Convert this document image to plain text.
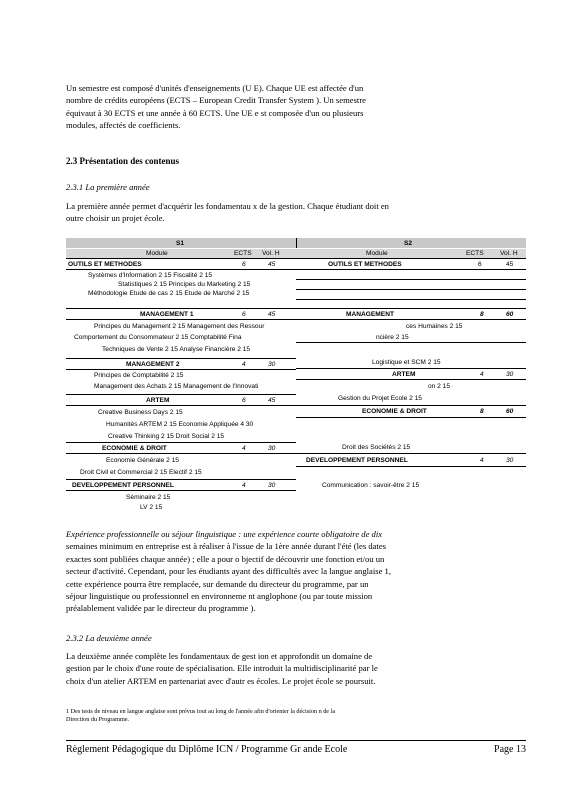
Un semestre est composé d'unités d'enseignements (U E). Chaque UE est affectée d'un
nombre de crédits européens (ECTS – European Credit Transfer System ). Un semestre
équivaut à 30 ECTS et une année à 60 ECTS. Une UE e st composée d'un ou plusieurs
modules, affectés de coefficients.
2.3 Présentation des contenus
2.3.1 La première année
La première année permet d'acquérir les fondamentau x de la gestion. Chaque étudiant doit en
outre choisir un projet école.
S1	S2
Module	ECTS Vol. H	Module	ECTS Vol. H
OUTILS ET METHODES	6	45
Systèmes d'Information 2 15 Fiscalité 2 15
Statistiques 2 15 Principes du Marketing 2 15
Méthodologie Etude de cas 2 15 Etude de Marché 2 15
MANAGEMENT 1	6	45
Principes du Management 2 15 Management des Ressour
Comportement du Consommateur 2 15 Comptabilité Fina
Techniques de Vente 2 15 Analyse Financière 2 15
MANAGEMENT 2	4	30
Principes de Comptabilité 2 15
Management des Achats 2 15 Management de l'Innovati
ARTEM	6	45
Creative Business Days 2 15
Humanités ARTEM 2 15 Economie Appliquée 4 30
Creative Thinking 2 15 Droit Social 2 15
ECONOMIE & DROIT	4	30
Economie Générale 2 15
Droit Civil et Commercial 2 15 Electif 2 15
DEVELOPPEMENT PERSONNEL	4	30
Séminaire 2 15
LV 2 15
OUTILS ET METHODES	6	45
MANAGEMENT	8	60
ces Humaines 2 15
ncière 2 15
Logistique et SCM 2 15
ARTEM	4	30
on 2 15
Gestion du Projet Ecole 2 15
ECONOMIE & DROIT	8	60
Droit des Sociétés 2 15
DEVELOPPEMENT PERSONNEL	4	30
Communication : savoir-être 2 15
Expérience professionnelle ou séjour linguistique : une expérience courte obligatoire de dix
semaines minimum en entreprise est à réaliser à l'issue de la 1ère année durant l'été (les dates
exactes sont publiées chaque année) ; elle a pour o bjectif de découvrir une fonction et/ou un
secteur d'activité. Cependant, pour les étudiants ayant des difficultés avec la langue anglaise 1,
cette expérience pourra être remplacée, sur demande du directeur du programme, par un
séjour linguistique ou professionnel en environneme nt anglophone (ou par toute mission
préalablement validée par le directeur du programme ).
2.3.2 La deuxième année
La deuxième année complète les fondamentaux de gest ion et approfondit un domaine de
gestion par le choix d'une route de spécialisation. Elle introduit la multidisciplinarité par le
choix d'un atelier ARTEM en partenariat avec d'autr es écoles. Le projet école se poursuit.
1 Des tests de niveau en langue anglaise sont prévus tout au long de l'année afin d'orienter la décision n de la
Direction du Programme.
Règlement Pédagogique du Diplôme ICN / Programme Gr ande Ecole	Page 13
